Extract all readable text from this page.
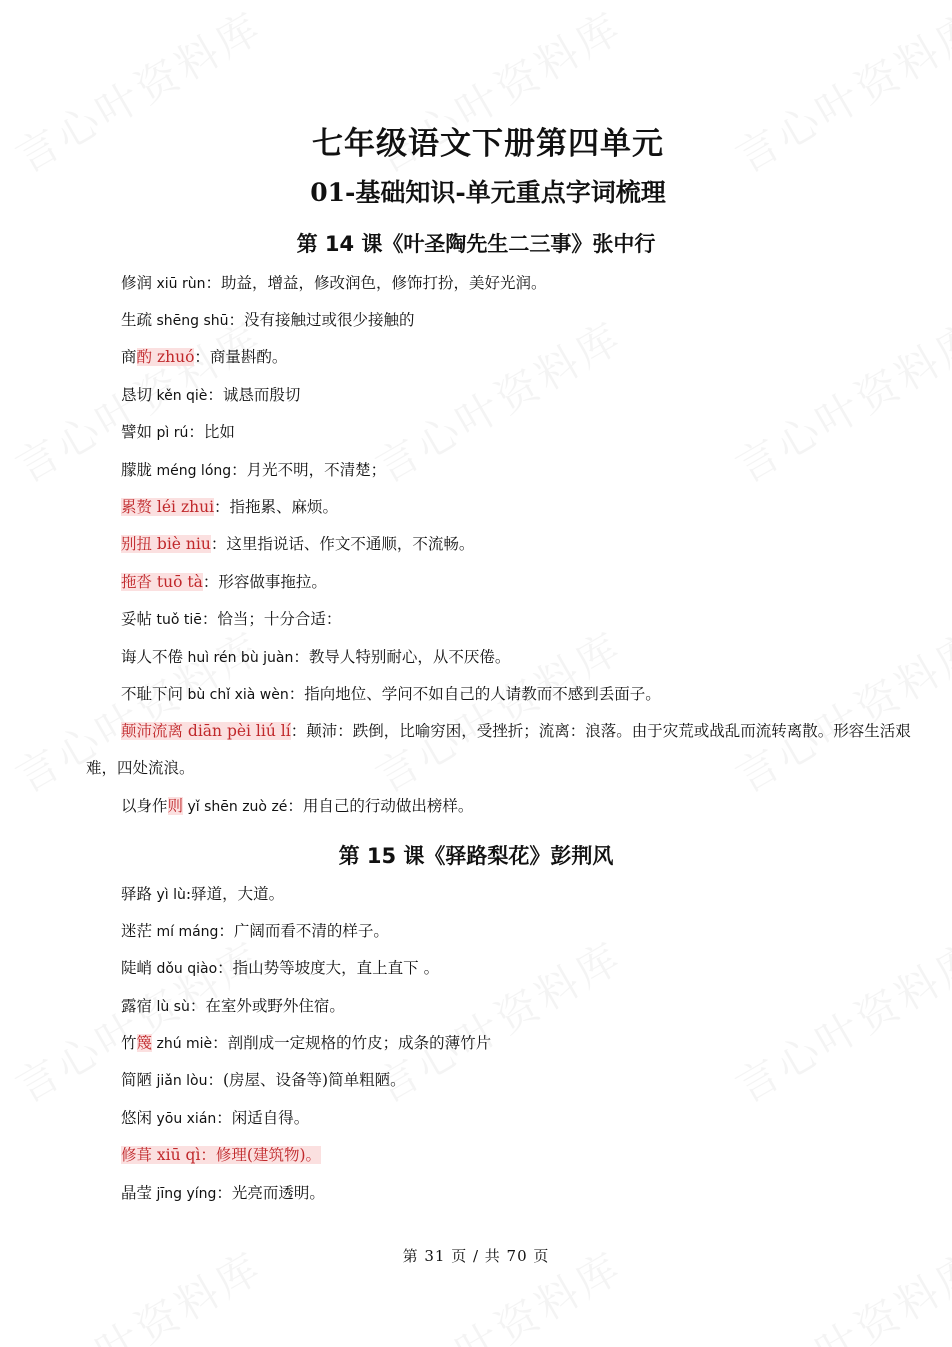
七年级语文下册第四单元
01-基础知识-单元重点字词梳理
第 14 课《叶圣陶先生二三事》张中行
修润 xiū rùn：助益，增益，修改润色，修饰打扮，美好光润。
生疏 shēng shū：没有接触过或很少接触的
商酌 zhuó：商量斟酌。
恳切 kěn qiè：诚恳而殷切
譬如 pì rú：比如
朦胧 méng lóng：月光不明，不清楚；
累赘 léi zhui：指拖累、麻烦。
别扭 biè niu：这里指说话、作文不通顺，不流畅。
拖沓 tuō tà：形容做事拖拉。
妥帖 tuǒ tiē：恰当；十分合适：
诲人不倦 huì rén bù juàn：教导人特别耐心，从不厌倦。
不耻下问 bù chǐ xià wèn：指向地位、学问不如自己的人请教而不感到丢面子。
颠沛流离 diān pèi liú lí：颠沛：跌倒，比喻穷困，受挫折；流离：浪落。由于灾荒或战乱而流转离散。形容生活艰难，四处流浪。
以身作则 yǐ shēn zuò zé：用自己的行动做出榜样。
第 15 课《驿路梨花》彭荆风
驿路 yì lù:驿道，大道。
迷茫 mí máng：广阔而看不清的样子。
陡峭 dǒu qiào：指山势等坡度大，直上直下 。
露宿 lù sù：在室外或野外住宿。
竹篾 zhú miè：剖削成一定规格的竹皮；成条的薄竹片
简陋 jiǎn lòu：(房屋、设备等)简单粗陋。
悠闲 yōu xián：闲适自得。
修葺 xiū qì：修理(建筑物)。
晶莹 jīng yíng：光亮而透明。
第 31 页 / 共 70 页
